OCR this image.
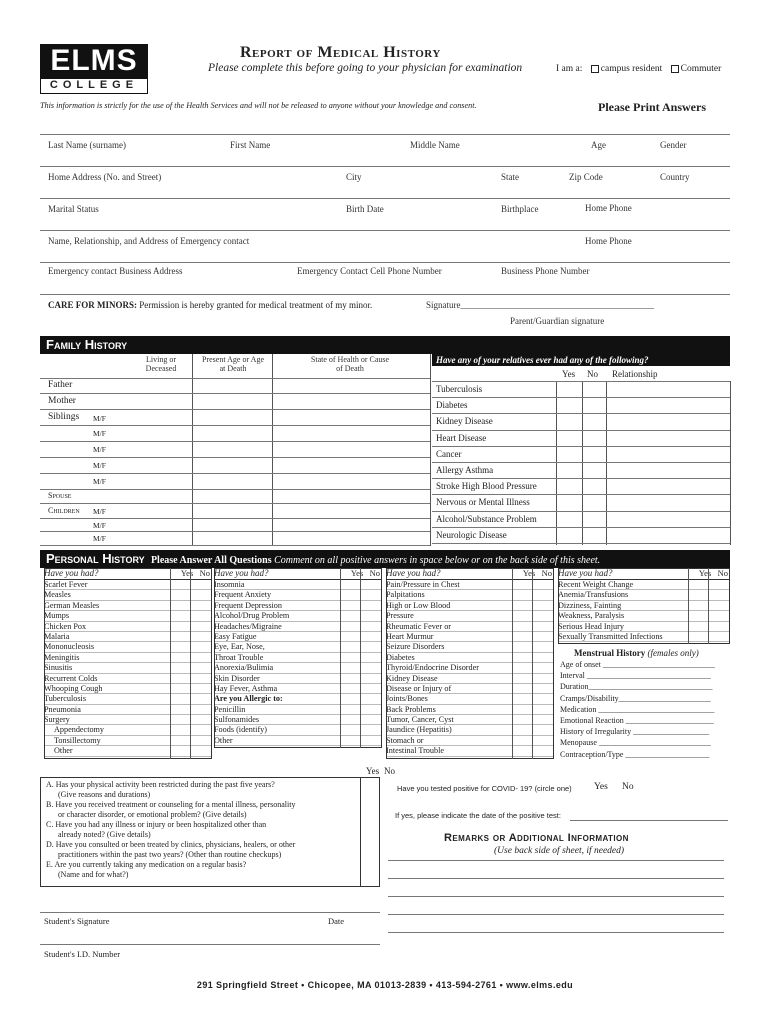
ELMS
COLLEGE
Report of Medical History
Please complete this before going to your physician for examination	I am a: campus resident Commuter
This information is strictly for the use of the Health Services and will not be released to anyone without your knowledge and consent.	Please Print Answers
Last Name (surname)	First Name	Middle Name	Age	Gender
Home Address (No. and Street)	City	State	Zip Code	Country
Marital Status	Birth Date	Birthplace	Home Phone
Name, Relationship, and Address of Emergency contact	Home Phone
Emergency contact Business Address	Emergency Contact Cell Phone Number	Business Phone Number
CARE FOR MINORS: Permission is hereby granted for medical treatment of my minor.	Signature___________________________________________
Parent/Guardian signature
Family History
Living or Deceased
Present Age or Age at Death
State of Health or Cause of Death
Father
Mother
Siblings M/F
M/F
M/F
M/F
M/F
Spouse
Children M/F
M/F
M/F
Have any of your relatives ever had any of the following?
Yes No Relationship
Tuberculosis
Diabetes
Kidney Disease
Heart Disease
Cancer
Allergy Asthma
Stroke High Blood Pressure
Nervous or Mental Illness
Alcohol/Substance Problem
Neurologic Disease
Personal History Please Answer All Questions Comment on all positive answers in space below or on the back side of this sheet.
Have you had?	Yes No
Scarlet Fever
Measles
German Measles
Mumps
Chicken Pox
Malaria
Mononucleosis
Meningitis
Sinusitis
Recurrent Colds
Whooping Cough
Tuberculosis
Pneumonia
Surgery
Appendectomy
Tonsillectomy
Other
Have you had?	Yes No
Insomnia
Frequent Anxiety
Frequent Depression
Alcohol/Drug Problem
Headaches/Migraine
Easy Fatigue
Eye, Ear, Nose,
Throat Trouble
Anorexia/Bulimia
Skin Disorder
Hay Fever, Asthma
Are you Allergic to:
Penicillin
Sulfonamides
Foods (identify)
Other
Have you had?	Yes No
Pain/Pressure in Chest
Palpitations
High or Low Blood
Pressure
Rheumatic Fever or
Heart Murmur
Seizure Disorders
Diabetes
Thyroid/Endocrine Disorder
Kidney Disease
Disease or Injury of
Joints/Bones
Back Problems
Tumor, Cancer, Cyst
Jaundice (Hepatitis)
Stomach or
Intestinal Trouble
Have you had?	Yes No
Recent Weight Change
Anemia/Transfusions
Dizziness, Fainting
Weakness, Paralysis
Serious Head Injury
Sexually Transmitted Infections
Menstrual History (females only)
Age of onset ____________________________
Interval _______________________________
Duration_______________________________
Cramps/Disability_______________________
Medication _____________________________
Emotional Reaction ______________________
History of Irregularity ___________________
Menopause ____________________________
Contraception/Type _____________________
Yes
A. Has your physical activity been restricted during the past five years?
(Give reasons and durations)
B. Have you received treatment or counseling for a mental illness, personality
or character disorder, or emotional problem? (Give details)
C. Have you had any illness or injury or been hospitalized other than
already noted? (Give details)
D. Have you consulted or been treated by clinics, physicians, healers, or other
practitioners within the past two years? (Other than routine checkups)
E. Are you currently taking any medication on a regular basis?
(Name and for what?)
No
Have you tested positive for COVID- 19? (circle one) Yes No
If yes, please indicate the date of the positive test:
Remarks or Additional Information
(Use back side of sheet, if needed)
Student's Signature	Date
Student's I.D. Number
291 Springfield Street • Chicopee, MA 01013-2839 • 413-594-2761 • www.elms.edu
